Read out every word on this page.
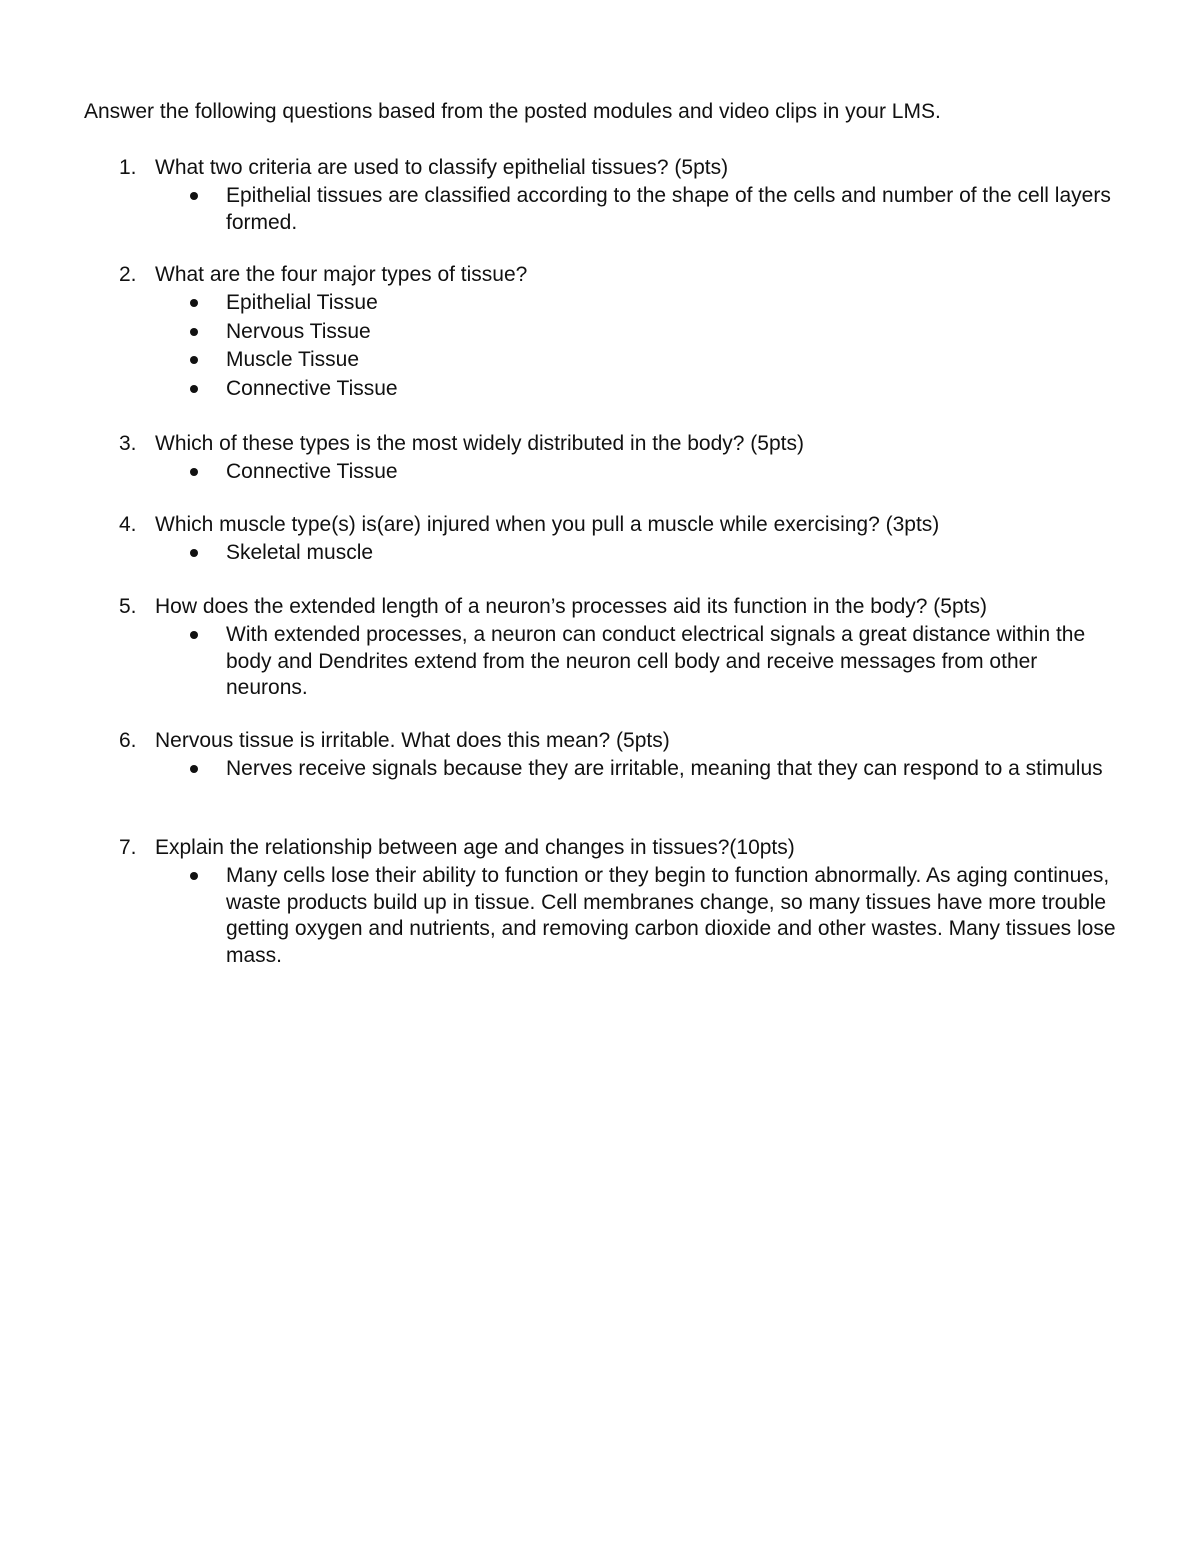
Answer the following questions based from the posted modules and video clips in your LMS.
1. What two criteria are used to classify epithelial tissues? (5pts)
Epithelial tissues are classified according to the shape of the cells and number of the cell layers formed.
2. What are the four major types of tissue?
Epithelial Tissue
Nervous Tissue
Muscle Tissue
Connective Tissue
3. Which of these types is the most widely distributed in the body? (5pts)
Connective Tissue
4. Which muscle type(s) is(are) injured when you pull a muscle while exercising? (3pts)
Skeletal muscle
5. How does the extended length of a neuron’s processes aid its function in the body? (5pts)
With extended processes, a neuron can conduct electrical signals a great distance within the body and Dendrites extend from the neuron cell body and receive messages from other neurons.
6. Nervous tissue is irritable. What does this mean? (5pts)
Nerves receive signals because they are irritable, meaning that they can respond to a stimulus
7. Explain the relationship between age and changes in tissues?(10pts)
Many cells lose their ability to function or they begin to function abnormally. As aging continues, waste products build up in tissue. Cell membranes change, so many tissues have more trouble getting oxygen and nutrients, and removing carbon dioxide and other wastes. Many tissues lose mass.
